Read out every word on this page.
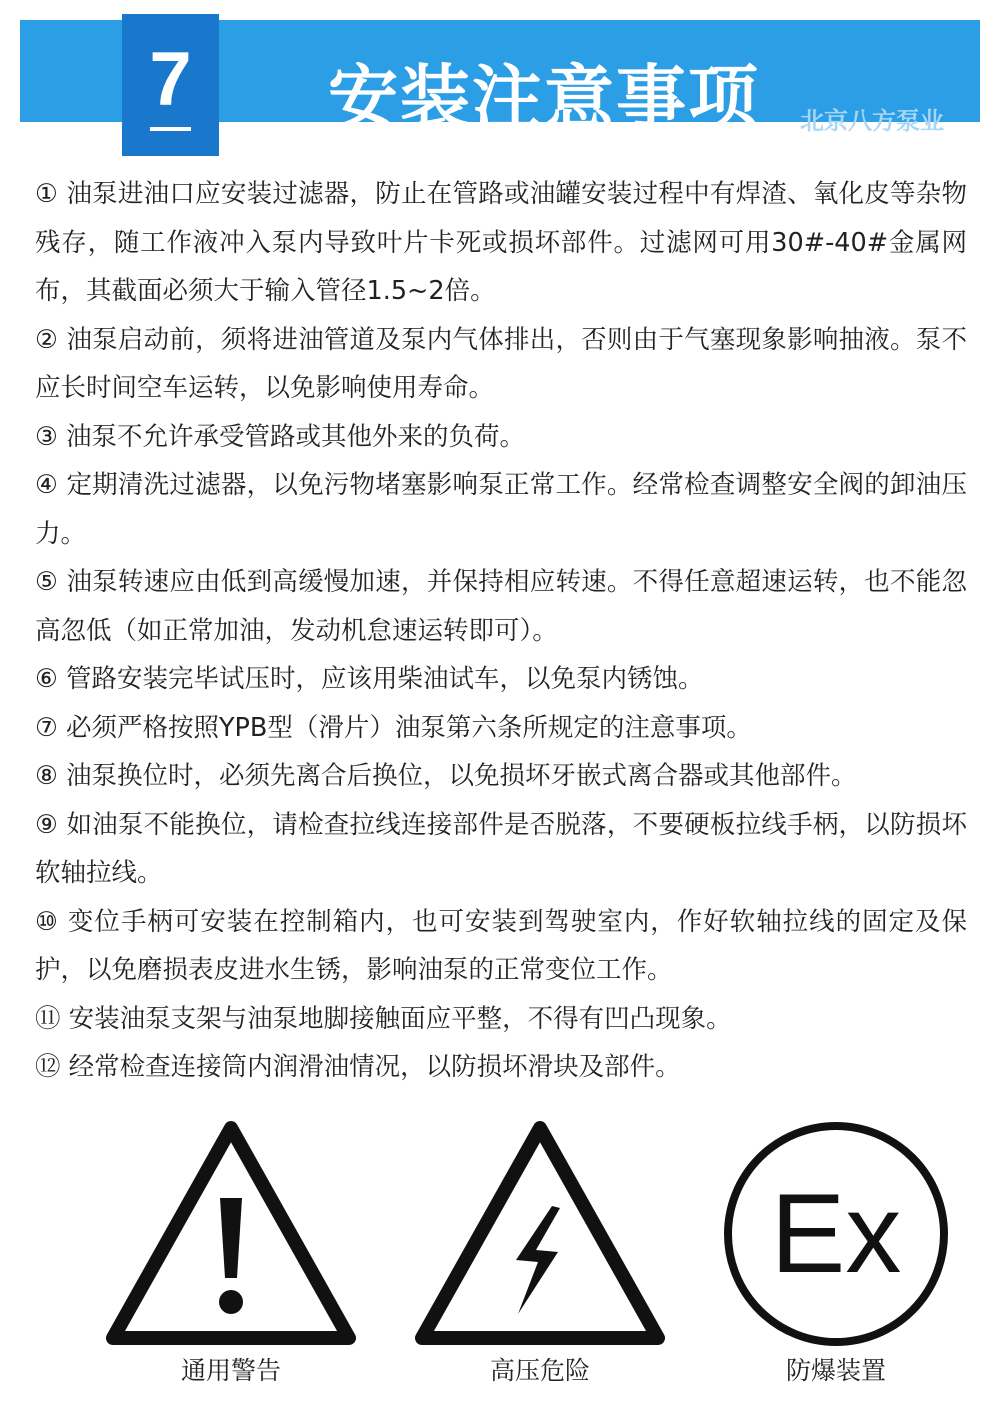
安装注意事项 北京八方泵业
7

① 油泵进油口应安装过滤器，防止在管路或油罐安装过程中有焊渣、氧化皮等杂物残存，随工作液冲入泵内导致叶片卡死或损坏部件。过滤网可用30#-40#金属网布，其截面必须大于输入管径1.5~2倍。

② 油泵启动前，须将进油管道及泵内气体排出，否则由于气塞现象影响抽液。泵不应长时间空车运转，以免影响使用寿命。

③ 油泵不允许承受管路或其他外来的负荷。

④ 定期清洗过滤器，以免污物堵塞影响泵正常工作。经常检查调整安全阀的卸油压力。

⑤ 油泵转速应由低到高缓慢加速，并保持相应转速。不得任意超速运转，也不能忽高忽低（如正常加油，发动机怠速运转即可）。

⑥ 管路安装完毕试压时，应该用柴油试车，以免泵内锈蚀。

⑦ 必须严格按照YPB型（滑片）油泵第六条所规定的注意事项。

⑧ 油泵换位时，必须先离合后换位，以免损坏牙嵌式离合器或其他部件。

⑨ 如油泵不能换位，请检查拉线连接部件是否脱落，不要硬板拉线手柄，以防损坏软轴拉线。

⑩ 变位手柄可安装在控制箱内，也可安装到驾驶室内，作好软轴拉线的固定及保护，以免磨损表皮进水生锈，影响油泵的正常变位工作。

⑪ 安装油泵支架与油泵地脚接触面应平整，不得有凹凸现象。

⑫ 经常检查连接筒内润滑油情况，以防损坏滑块及部件。

通用警告	高压危险
Ex
防爆装置
